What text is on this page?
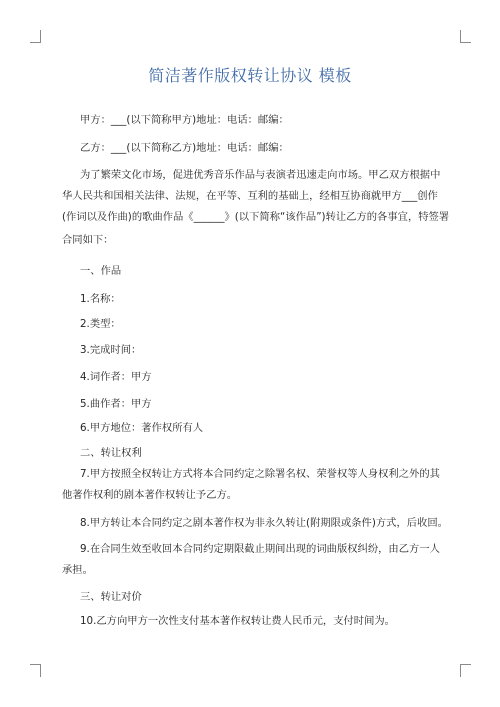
简洁著作版权转让协议 模板
甲方：___(以下简称甲方)地址：电话：邮编：
乙方：___(以下简称乙方)地址：电话：邮编：
为了繁荣文化市场，促进优秀音乐作品与表演者迅速走向市场。甲乙双方根据中
华人民共和国相关法律、法规，在平等、互利的基础上，经相互协商就甲方___创作
(作词以及作曲)的歌曲作品《______》(以下简称“该作品”)转让乙方的各事宜，特签署
合同如下：
一、作品
1.名称：
2.类型：
3.完成时间：
4.词作者：甲方
5.曲作者：甲方
6.甲方地位：著作权所有人
二、转让权利
7.甲方按照全权转让方式将本合同约定之除署名权、荣誉权等人身权利之外的其
他著作权利的剧本著作权转让予乙方。
8.甲方转让本合同约定之剧本著作权为非永久转让(附期限或条件)方式，后收回。
9.在合同生效至收回本合同约定期限截止期间出现的词曲版权纠纷，由乙方一人
承担。
三、转让对价
10.乙方向甲方一次性支付基本著作权转让费人民币元，支付时间为。
